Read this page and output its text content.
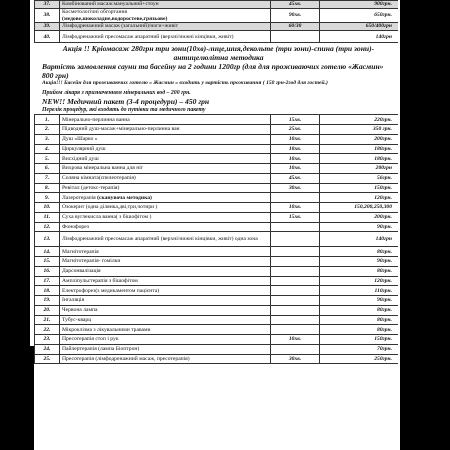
37.	Комбінований масаж:мануальний+стоун	45хв.	900грн.
38.	Косметологічні обгортання
(медове,шоколадне,водоростеве,грязьове)	90хв.	650грн.
39.	Лімфодренажний масаж (загальний)/ноги+живіт	60/30	650/400грн
40.	Лімфодренажний пресомасаж апаратний (верхні/нижні кінцівки, живіт)		140грн

Акція !! Кріомасаж 280грн три зони(10хв)-лице,шия,декольте (три зони)-спина (три зони)-антицелюлітна методика

Вартість замовлення сауни та басейну на 2 години 1200гр (для для проживаючих готелю «Жасмин» 800 грн)

Акція!!! Басейн для проживаючих готелю « Жасмин » входить у вартість проживання ( 150 грн-2год для гостей.)

Прийом лікаря з призначенням мінеральних вод – 200 грн.

NEW!! Медичний пакет (3-4 процедури) – 450 грн

Перелік процедур, які входять до путівки та медичного пакету

1.	Мінерально-перлинна ванна	15хв.	220грн.
2.	Підводний душ-масаж+мінерально-перлинна ван	25хв.	350 грн.
3.	Душ «Шарко »	10хв.	200грн.
4.	Циркулярний душ	10хв.	180грн.
5.	Висхідний душ	10хв.	180грн.
6.	Вихрова мінеральна ванна для ніг	10хв.	200грн
7.	Соляна кімната(спелеотерапія)	45хв.	56грн.
8.	Ревітал (детокс-терапія)	30хв.	150грн.
9.	Лазеротерапія (сканувоча методика)		120грн.
10.	Озокерит (одна ділянка,дві,три,чотири )	10хв.	150,200,250,300
11.	Суха вуглекисла ванна( з бішофітом )	15хв.	200грн.
12.	Фонофорез		90грн.
13.	Лімфодренажний пресомасаж апаратний (верхні/нижні кінцівки, живіт) одна зона		140грн
14.	Магнітотерапія		80грн.
15.	Магнітотерапія- гомілки		90грн.
16.	Дарсонвалізація		80грн.
17.	Ампліпульстерапія з бішофітом		120грн.
18.	Електрофорез(з медикаментом пацієнта)		110грн.
19.	Інгаляція		90грн.
20.	Червона лампа		80грн.
21.	Тубус-кварц		80грн.
22.	Мікроклізма з лікувальними травами		80грн.
23.	Пресотерапія стоп і рук	10хв.	150грн.
24.	Пайлертерапія (лампа Біоптрон)		70грн.
25.	Пресотерапія (лімфодренажний масаж, пресотерапія)	30хв.	250грн.
